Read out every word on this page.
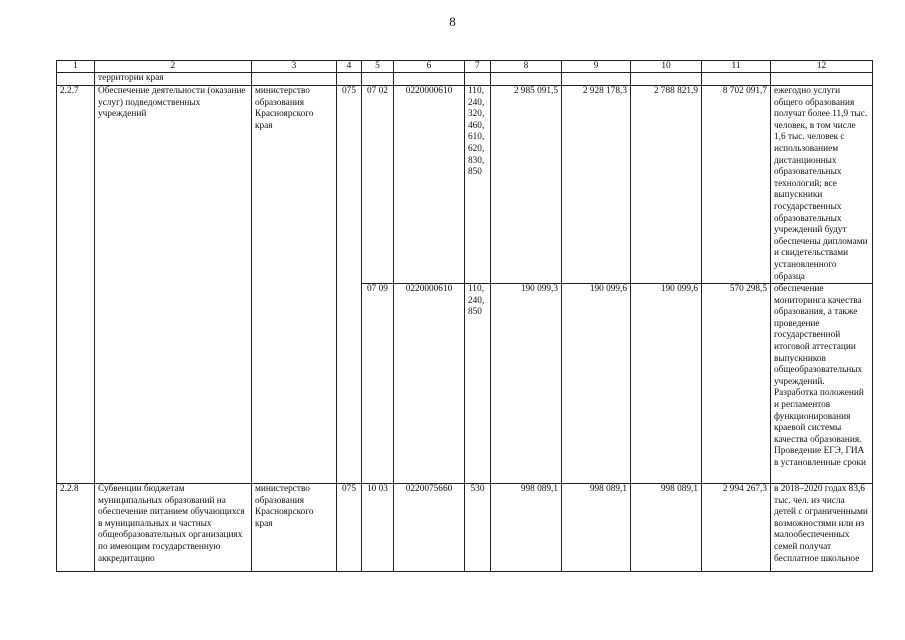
8
1	2	3	4	5	6	7	8	9	10	11	12
	территории края										
2.2.7	Обеспечение деятельности (оказание услуг) подведомственных учреждений	министерство образования Красноярского края	075	07 02	0220000610	110, 240, 320, 460, 610, 620, 830, 850	2 985 091,5	2 928 178,3	2 788 821,9	8 702 091,7	ежегодно услуги общего образования получат более 11,9 тыс. человек, в том числе 1,6 тыс. человек с использованием дистанционных образовательных технологий; все выпускники государственных образовательных учреждений будут обеспечены дипломами и свидетельствами установленного образца
				07 09	0220000610	110, 240, 850	190 099,3	190 099,6	190 099,6	570 298,5	обеспечение мониторинга качества образования, а также проведение государственной итоговой аттестации выпускников общеобразовательных учреждений. Разработка положений и регламентов функционирования краевой системы качества образования. Проведение ЕГЭ, ГИА в установленные сроки
2.2.8	Субвенции бюджетам муниципальных образований на обеспечение питанием обучающихся в муниципальных и частных общеобразовательных организациях по имеющим государственную аккредитацию	министерство образования Красноярского края	075	10 03	0220075660	530	998 089,1	998 089,1	998 089,1	2 994 267,3	в 2018–2020 годах 83,6 тыс. чел. из числа детей с ограниченными возможностями или из малообеспеченных семей получат бесплатное школьное
